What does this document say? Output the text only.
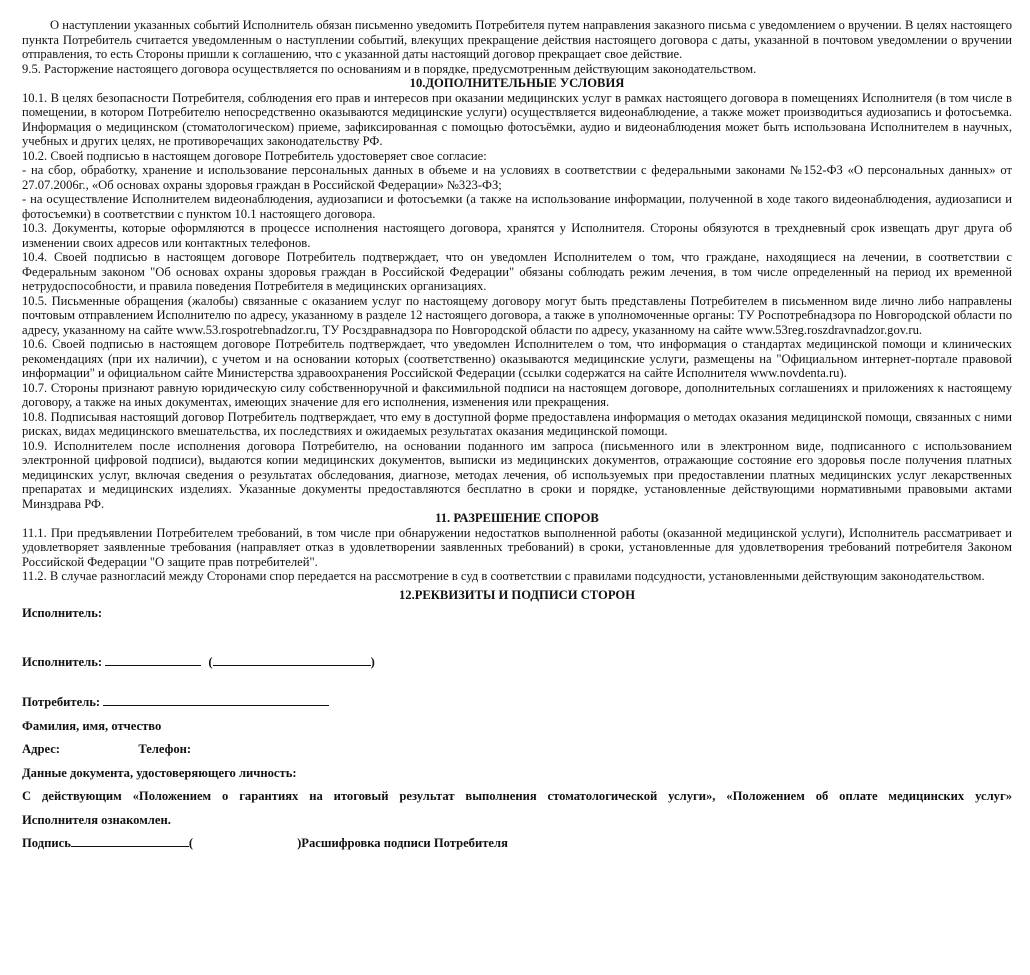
О наступлении указанных событий Исполнитель обязан письменно уведомить Потребителя путем направления заказного письма с уведомлением о вручении. В целях настоящего пункта Потребитель считается уведомленным о наступлении событий, влекущих прекращение действия настоящего договора с даты, указанной в почтовом уведомлении о вручении отправления, то есть Стороны пришли к соглашению, что с указанной даты настоящий договор прекращает свое действие.

9.5. Расторжение настоящего договора осуществляется по основаниям и в порядке, предусмотренным действующим законодательством.

10.ДОПОЛНИТЕЛЬНЫЕ УСЛОВИЯ

10.1. В целях безопасности Потребителя, соблюдения его прав и интересов при оказании медицинских услуг в рамках настоящего договора в помещениях Исполнителя (в том числе в помещении, в котором Потребителю непосредственно оказываются медицинские услуги) осуществляется видеонаблюдение, а также может производиться аудиозапись и фотосъемка. Информация о медицинском (стоматологическом) приеме, зафиксированная с помощью фотосъёмки, аудио и видеонаблюдения может быть использована Исполнителем в научных, учебных и других целях, не противоречащих законодательству РФ.

10.2. Своей подписью в настоящем договоре Потребитель удостоверяет свое согласие:

- на сбор, обработку, хранение и использование персональных данных в объеме и на условиях в соответствии с федеральными законами №152-ФЗ «О персональных данных» от 27.07.2006г., «Об основах охраны здоровья граждан в Российской Федерации» №323-ФЗ;

- на осуществление Исполнителем видеонаблюдения, аудиозаписи и фотосъемки (а также на использование информации, полученной в ходе такого видеонаблюдения, аудиозаписи и фотосъемки) в соответствии с пунктом 10.1 настоящего договора.

10.3. Документы, которые оформляются в процессе исполнения настоящего договора, хранятся у Исполнителя. Стороны обязуются в трехдневный срок извещать друг друга об изменении своих адресов или контактных телефонов.

10.4. Своей подписью в настоящем договоре Потребитель подтверждает, что он уведомлен Исполнителем о том, что граждане, находящиеся на лечении, в соответствии с Федеральным законом "Об основах охраны здоровья граждан в Российской Федерации" обязаны соблюдать режим лечения, в том числе определенный на период их временной нетрудоспособности, и правила поведения Потребителя в медицинских организациях.

10.5. Письменные обращения (жалобы) связанные с оказанием услуг по настоящему договору могут быть представлены Потребителем в письменном виде лично либо направлены почтовым отправлением Исполнителю по адресу, указанному в разделе 12 настоящего договора, а также в уполномоченные органы: ТУ Роспотребнадзора по Новгородской области по адресу, указанному на сайте www.53.rospotrebnadzor.ru, ТУ Росздравнадзора по Новгородской области по адресу, указанному на сайте www.53reg.roszdravnadzor.gov.ru.

10.6. Своей подписью в настоящем договоре Потребитель подтверждает, что уведомлен Исполнителем о том, что информация о стандартах медицинской помощи и клинических рекомендациях (при их наличии), с учетом и на основании которых (соответственно) оказываются медицинские услуги, размещены на "Официальном интернет-портале правовой информации" и официальном сайте Министерства здравоохранения Российской Федерации (ссылки содержатся на сайте Исполнителя www.novdenta.ru).

10.7. Стороны признают равную юридическую силу собственноручной и факсимильной подписи на настоящем договоре, дополнительных соглашениях и приложениях к настоящему договору, а также на иных документах, имеющих значение для его исполнения, изменения или прекращения.

10.8. Подписывая настоящий договор Потребитель подтверждает, что ему в доступной форме предоставлена информация о методах оказания медицинской помощи, связанных с ними рисках, видах медицинского вмешательства, их последствиях и ожидаемых результатах оказания медицинской помощи.

10.9. Исполнителем после исполнения договора Потребителю, на основании поданного им запроса (письменного или в электронном виде, подписанного с использованием электронной цифровой подписи), выдаются копии медицинских документов, выписки из медицинских документов, отражающие состояние его здоровья после получения платных медицинских услуг, включая сведения о результатах обследования, диагнозе, методах лечения, об используемых при предоставлении платных медицинских услуг лекарственных препаратах и медицинских изделиях. Указанные документы предоставляются бесплатно в сроки и порядке, установленные действующими нормативными правовыми актами Минздрава РФ.

11. РАЗРЕШЕНИЕ СПОРОВ

11.1. При предъявлении Потребителем требований, в том числе при обнаружении недостатков выполненной работы (оказанной медицинской услуги), Исполнитель рассматривает и удовлетворяет заявленные требования (направляет отказ в удовлетворении заявленных требований) в сроки, установленные для удовлетворения требований потребителя Законом Российской Федерации "О защите прав потребителей".

11.2. В случае разногласий между Сторонами спор передается на рассмотрение в суд в соответствии с правилами подсудности, установленными действующим законодательством.

12.РЕКВИЗИТЫ И ПОДПИСИ СТОРОН

Исполнитель:

Исполнитель:	(	)

Потребитель:

Фамилия, имя, отчество

Адрес:	Телефон:

Данные документа, удостоверяющего личность:

С действующим «Положением о гарантиях на итоговый результат выполнения стоматологической услуги», «Положением об оплате медицинских услуг»

Исполнителя ознакомлен.

Подпись	(	)Расшифровка подписи Потребителя
